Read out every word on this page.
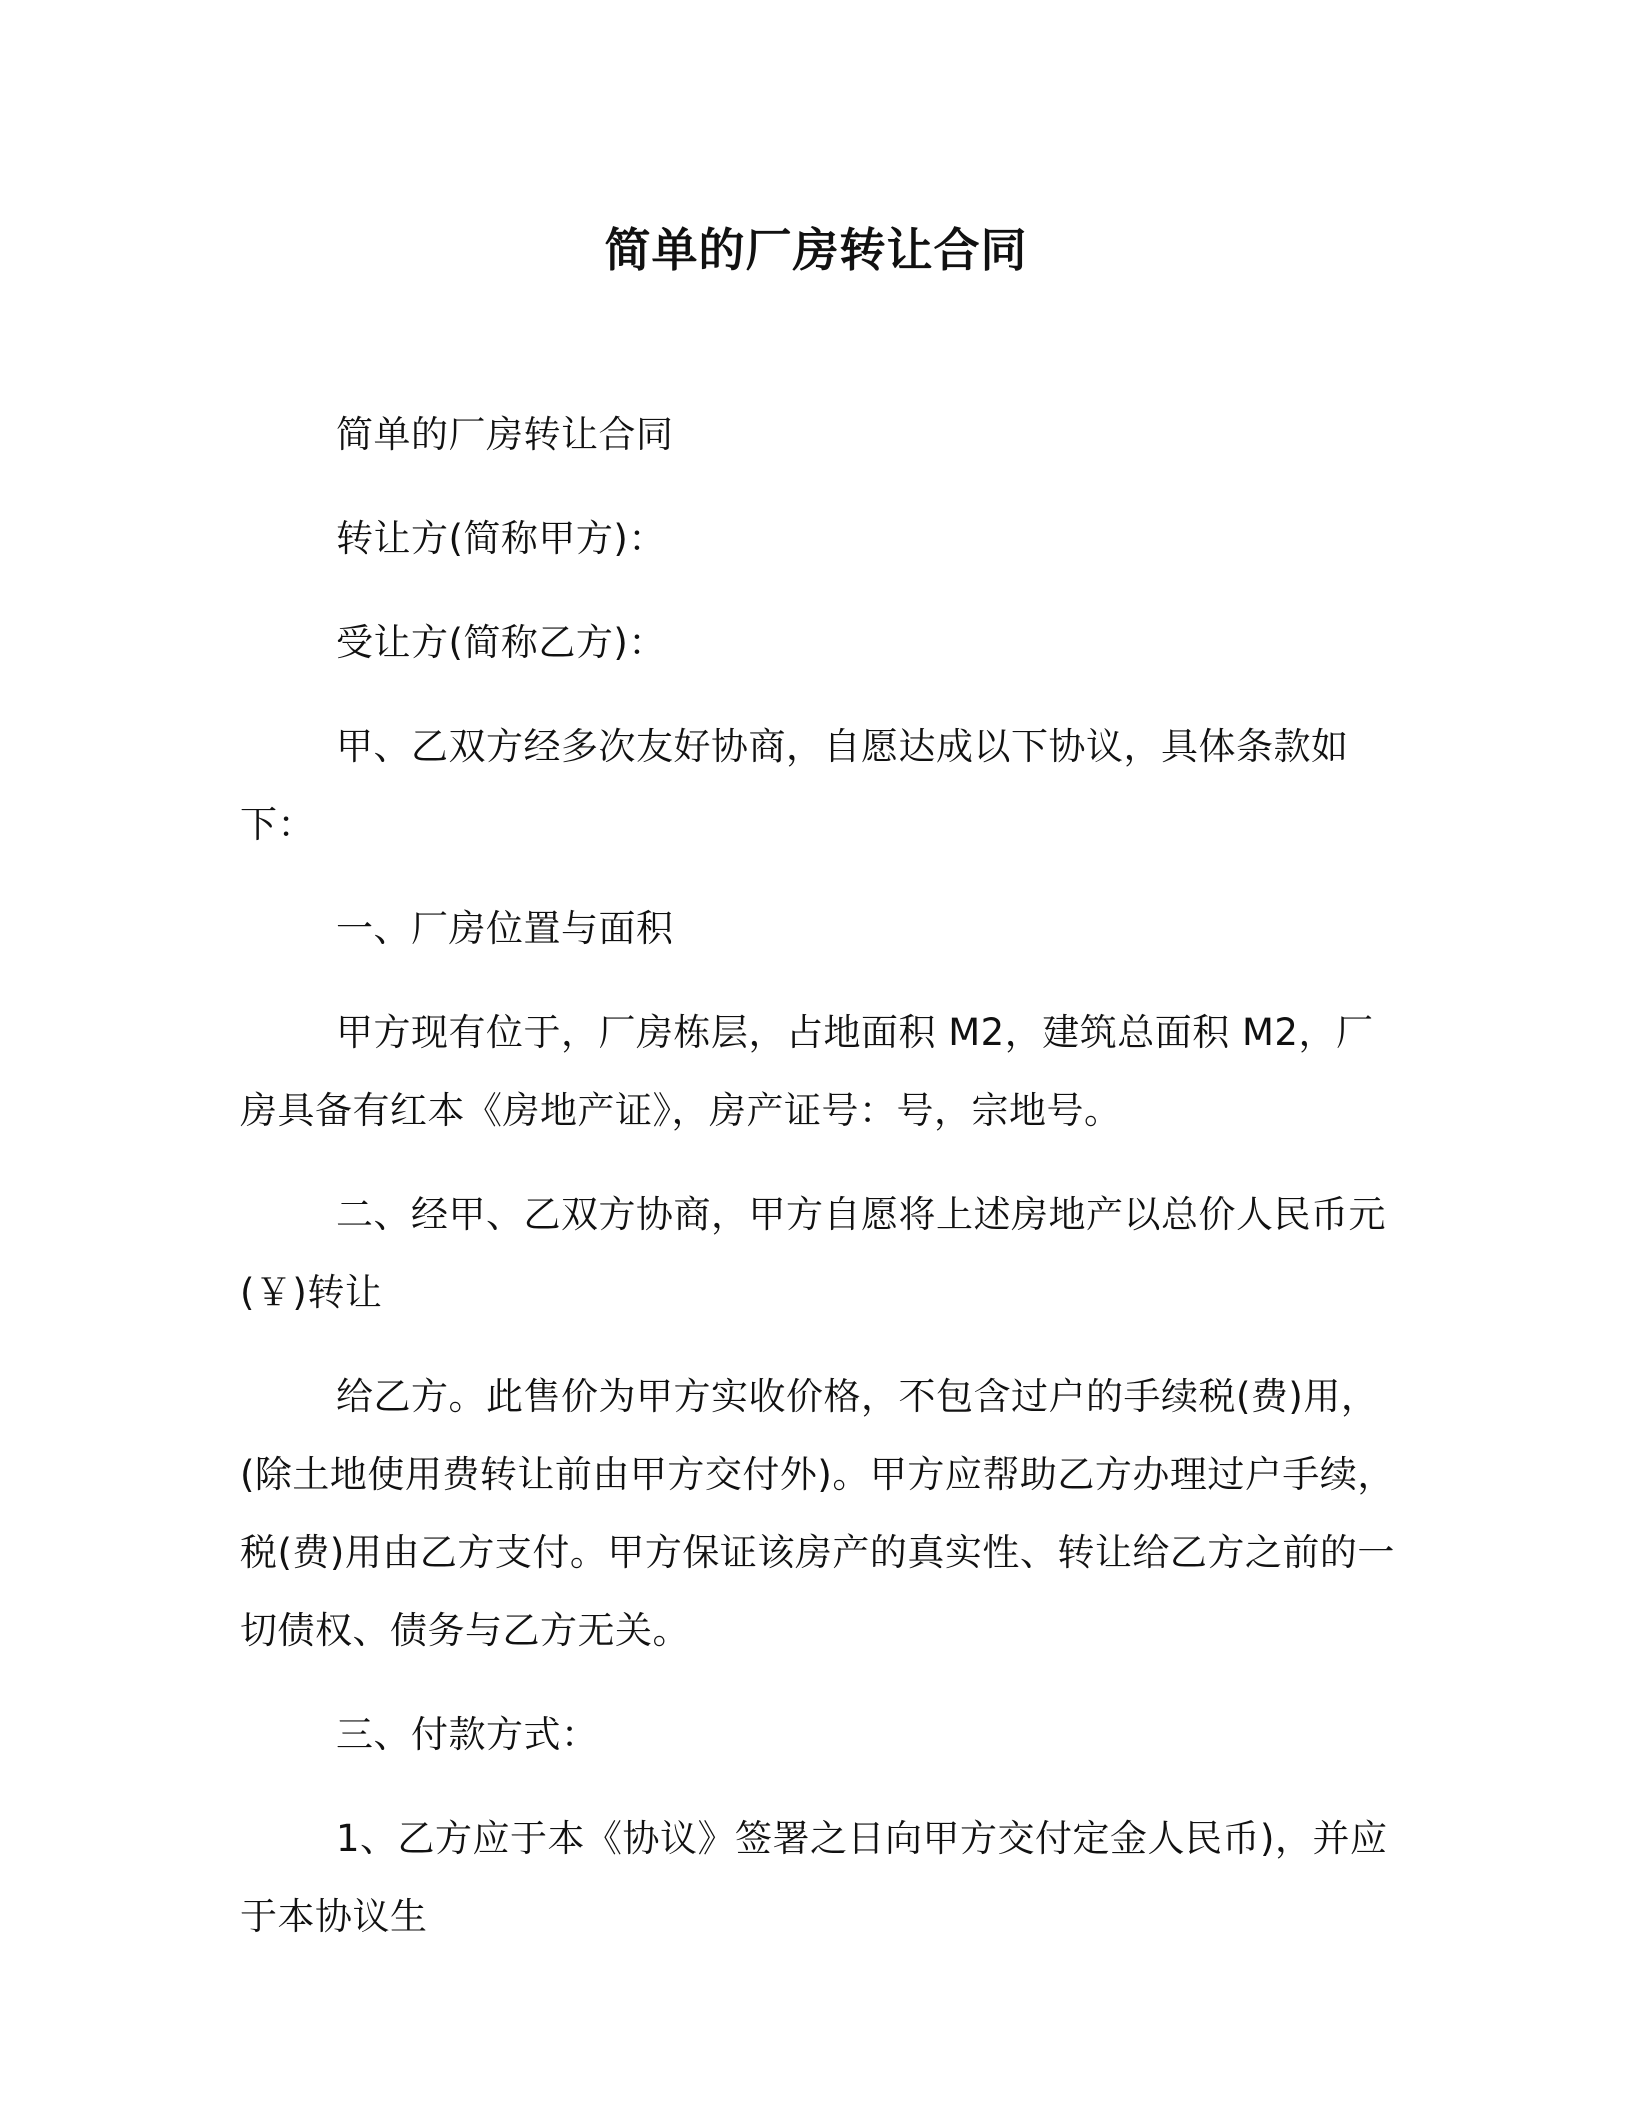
简单的厂房转让合同

简单的厂房转让合同

转让方(简称甲方)：

受让方(简称乙方)：

甲、乙双方经多次友好协商，自愿达成以下协议，具体条款如下：

一、厂房位置与面积

甲方现有位于，厂房栋层，占地面积 M2，建筑总面积 M2，厂房具备有红本《房地产证》，房产证号：号，宗地号。

二、经甲、乙双方协商，甲方自愿将上述房地产以总价人民币元(￥)转让

给乙方。此售价为甲方实收价格，不包含过户的手续税(费)用，(除土地使用费转让前由甲方交付外)。甲方应帮助乙方办理过户手续，税(费)用由乙方支付。甲方保证该房产的真实性、转让给乙方之前的一切债权、债务与乙方无关。

三、付款方式：

1、乙方应于本《协议》签署之日向甲方交付定金人民币)，并应于本协议生
